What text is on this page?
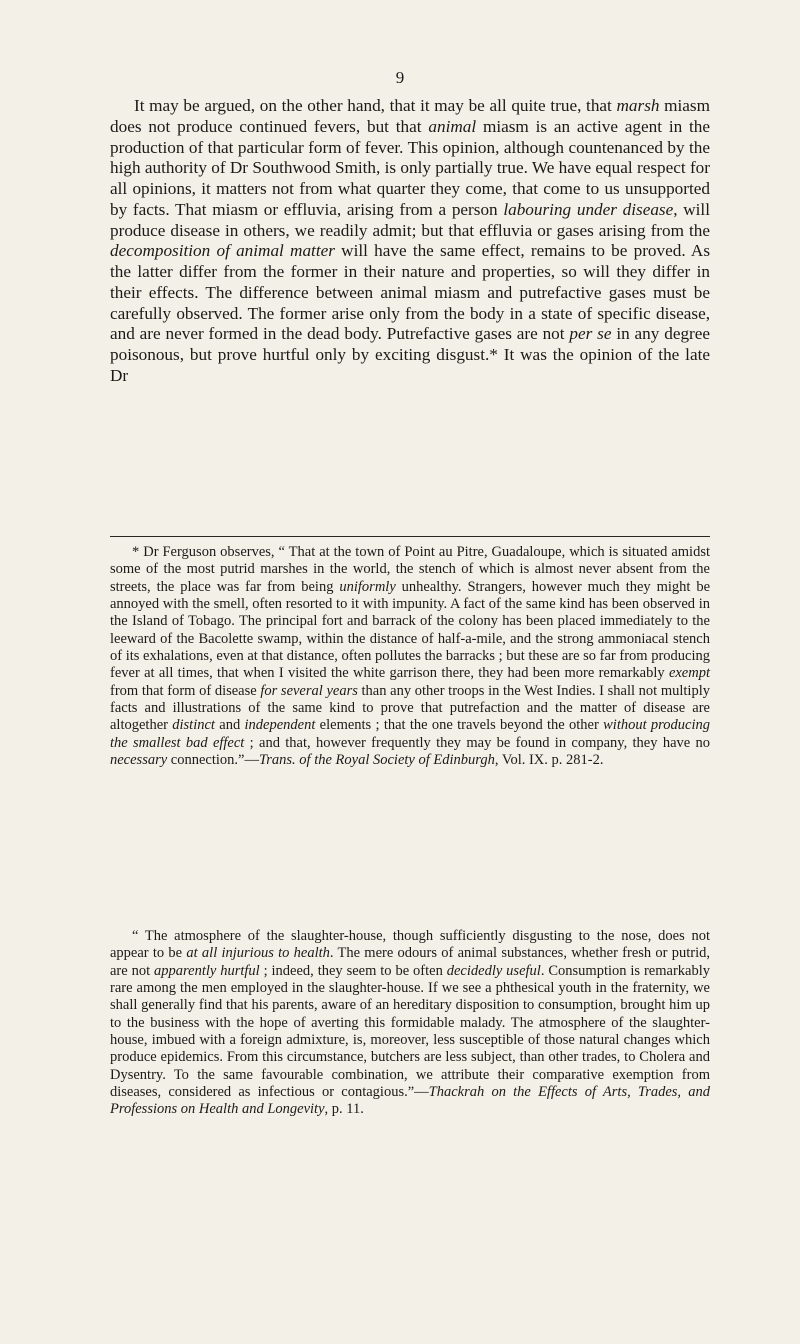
9

It may be argued, on the other hand, that it may be all quite true, that marsh miasm does not produce continued fevers, but that animal miasm is an active agent in the production of that particular form of fever. This opinion, although countenanced by the high authority of Dr Southwood Smith, is only partially true. We have equal respect for all opinions, it matters not from what quarter they come, that come to us unsupported by facts. That miasm or effluvia, arising from a person labouring under disease, will produce disease in others, we readily admit; but that effluvia or gases arising from the decomposition of animal matter will have the same effect, remains to be proved. As the latter differ from the former in their nature and properties, so will they differ in their effects. The difference between animal miasm and putrefactive gases must be carefully observed. The former arise only from the body in a state of specific disease, and are never formed in the dead body. Putrefactive gases are not per se in any degree poisonous, but prove hurtful only by exciting disgust.* It was the opinion of the late Dr

* Dr Ferguson observes, “ That at the town of Point au Pitre, Guadaloupe, which is situated amidst some of the most putrid marshes in the world, the stench of which is almost never absent from the streets, the place was far from being uniformly unhealthy. Strangers, however much they might be annoyed with the smell, often resorted to it with impunity. A fact of the same kind has been observed in the Island of Tobago. The principal fort and barrack of the colony has been placed immediately to the leeward of the Bacolette swamp, within the distance of half-a-mile, and the strong ammoniacal stench of its exhalations, even at that distance, often pollutes the barracks ; but these are so far from producing fever at all times, that when I visited the white garrison there, they had been more remarkably exempt from that form of disease for several years than any other troops in the West Indies. I shall not multiply facts and illustrations of the same kind to prove that putrefaction and the matter of disease are altogether distinct and independent elements ; that the one travels beyond the other without producing the smallest bad effect ; and that, however frequently they may be found in company, they have no necessary connection.”—Trans. of the Royal Society of Edinburgh, Vol. IX. p. 281-2.

“ The atmosphere of the slaughter-house, though sufficiently disgusting to the nose, does not appear to be at all injurious to health. The mere odours of animal substances, whether fresh or putrid, are not apparently hurtful ; indeed, they seem to be often decidedly useful. Consumption is remarkably rare among the men employed in the slaughter-house. If we see a phthesical youth in the fraternity, we shall generally find that his parents, aware of an hereditary disposition to consumption, brought him up to the business with the hope of averting this formidable malady. The atmosphere of the slaughter-house, imbued with a foreign admixture, is, moreover, less susceptible of those natural changes which produce epidemics. From this circumstance, butchers are less subject, than other trades, to Cholera and Dysentry. To the same favourable combination, we attribute their comparative exemption from diseases, considered as infectious or contagious.”—Thackrah on the Effects of Arts, Trades, and Professions on Health and Longevity, p. 11.
